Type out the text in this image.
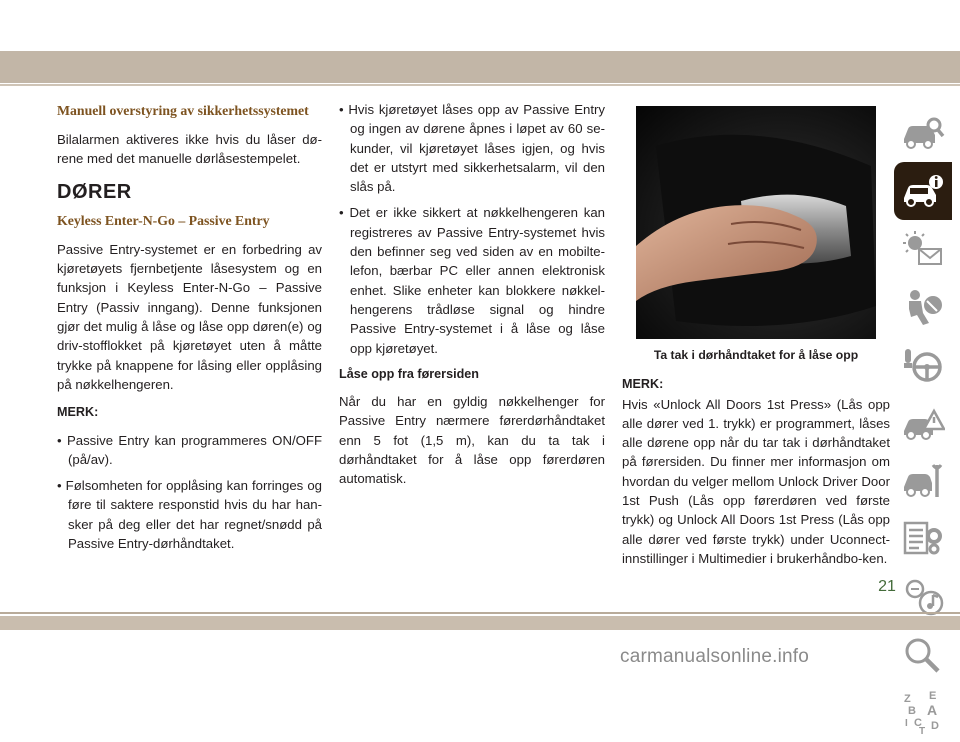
Manuell overstyring av sikkerhetssystemet

Bilalarmen aktiveres ikke hvis du låser dø-rene med det manuelle dørlåsestempelet.

DØRER
Keyless Enter-N-Go – Passive Entry

Passive Entry-systemet er en forbedring av kjøretøyets fjernbetjente låsesystem og en funksjon i Keyless Enter-N-Go – Passive Entry (Passiv inngang). Denne funksjonen gjør det mulig å låse og låse opp døren(e) og driv-stofflokket på kjøretøyet uten å måtte trykke på knappene for låsing eller opplåsing på nøkkelhengeren.

MERK:
• Passive Entry kan programmeres ON/OFF (på/av).
• Følsomheten for opplåsing kan forringes og føre til saktere responstid hvis du har han-sker på deg eller det har regnet/snødd på Passive Entry-dørhåndtaket.
• Hvis kjøretøyet låses opp av Passive Entry og ingen av dørene åpnes i løpet av 60 se-kunder, vil kjøretøyet låses igjen, og hvis det er utstyrt med sikkerhetsalarm, vil den slås på.
• Det er ikke sikkert at nøkkelhengeren kan registreres av Passive Entry-systemet hvis den befinner seg ved siden av en mobilte-lefon, bærbar PC eller annen elektronisk enhet. Slike enheter kan blokkere nøkkel-hengerens trådløse signal og hindre Passive Entry-systemet i å låse og låse opp kjøretøyet.
Låse opp fra førersiden

Når du har en gyldig nøkkelhenger for Passive Entry nærmere førerdørhåndtaket enn 5 fot (1,5 m), kan du ta tak i dørhåndtaket for å låse opp førerdøren automatisk.

Ta tak i dørhåndtaket for å låse opp
MERK:

Hvis «Unlock All Doors 1st Press» (Lås opp alle dører ved 1. trykk) er programmert, låses alle dørene opp når du tar tak i dørhåndtaket på førersiden. Du finner mer informasjon om hvordan du velger mellom Unlock Driver Door 1st Push (Lås opp førerdøren ved første trykk) og Unlock All Doors 1st Press (Lås opp alle dører ved første trykk) under Uconnect-innstillinger i Multimedier i brukerhåndbo-ken.

Z E
B A
C D
I
T
21
carmanualsonline.info
